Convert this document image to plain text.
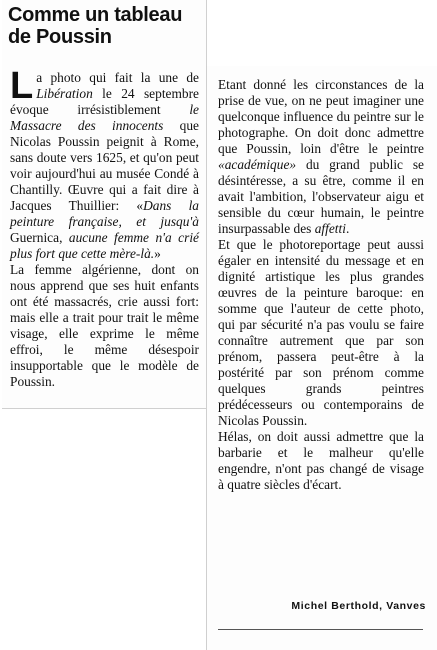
Comme un tableau
de Poussin

La photo qui fait la une de Libération le 24 septembre évoque irrésistiblement le Massacre des innocents que Nicolas Poussin peignit à Rome, sans doute vers 1625, et qu'on peut voir aujourd'hui au musée Condé à Chantilly. Œuvre qui a fait dire à Jacques Thuillier: «Dans la peinture française, et jusqu'à Guernica, aucune femme n'a crié plus fort que cette mère-là.»

La femme algérienne, dont on nous apprend que ses huit enfants ont été massacrés, crie aussi fort: mais elle a trait pour trait le même visage, elle exprime le même effroi, le même désespoir insupportable que le modèle de Poussin.

Etant donné les circonstances de la prise de vue, on ne peut imaginer une quelconque influence du peintre sur le photographe. On doit donc admettre que Poussin, loin d'être le peintre «académique» du grand public se désintéresse, a su être, comme il en avait l'ambition, l'observateur aigu et sensible du cœur humain, le peintre insurpassable des affetti.

Et que le photoreportage peut aussi égaler en intensité du message et en dignité artistique les plus grandes œuvres de la peinture baroque: en somme que l'auteur de cette photo, qui par sécurité n'a pas voulu se faire connaître autrement que par son prénom, passera peut-être à la postérité par son prénom comme quelques grands peintres prédécesseurs ou contemporains de Nicolas Poussin.

Hélas, on doit aussi admettre que la barbarie et le malheur qu'elle engendre, n'ont pas changé de visage à quatre siècles d'écart.

Michel Berthold, Vanves
